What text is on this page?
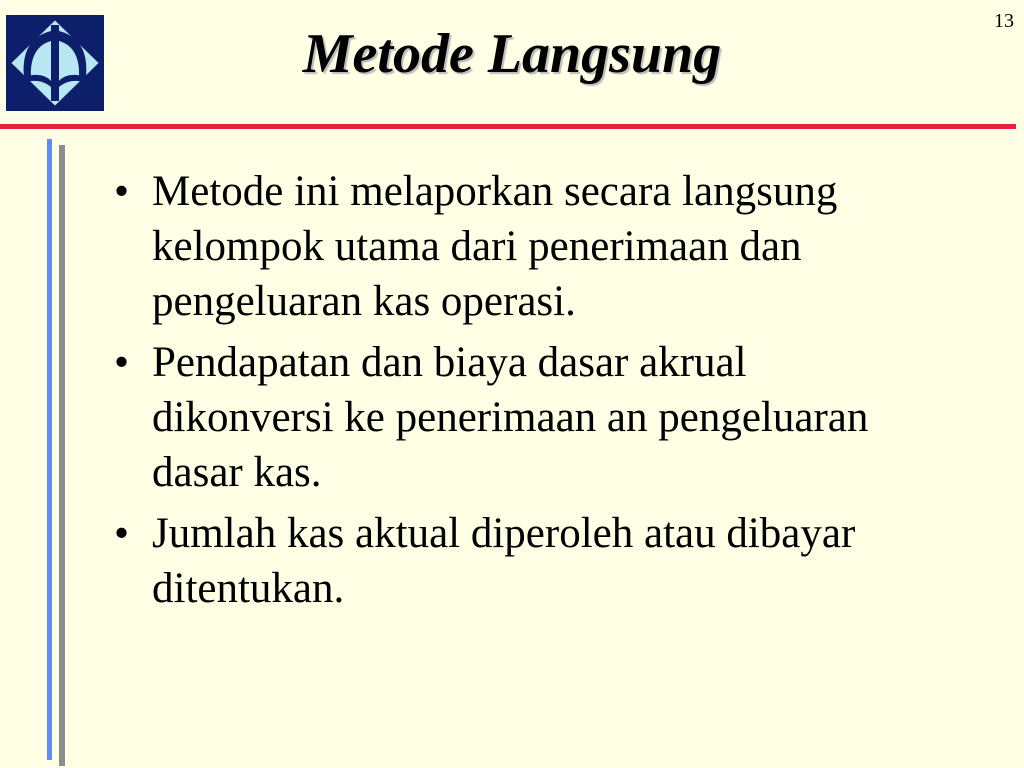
13
Metode Langsung
• Metode ini melaporkan secara langsung kelompok utama dari penerimaan dan pengeluaran kas operasi.
• Pendapatan dan biaya dasar akrual dikonversi ke penerimaan an pengeluaran dasar kas.
• Jumlah kas aktual diperoleh atau dibayar ditentukan.
